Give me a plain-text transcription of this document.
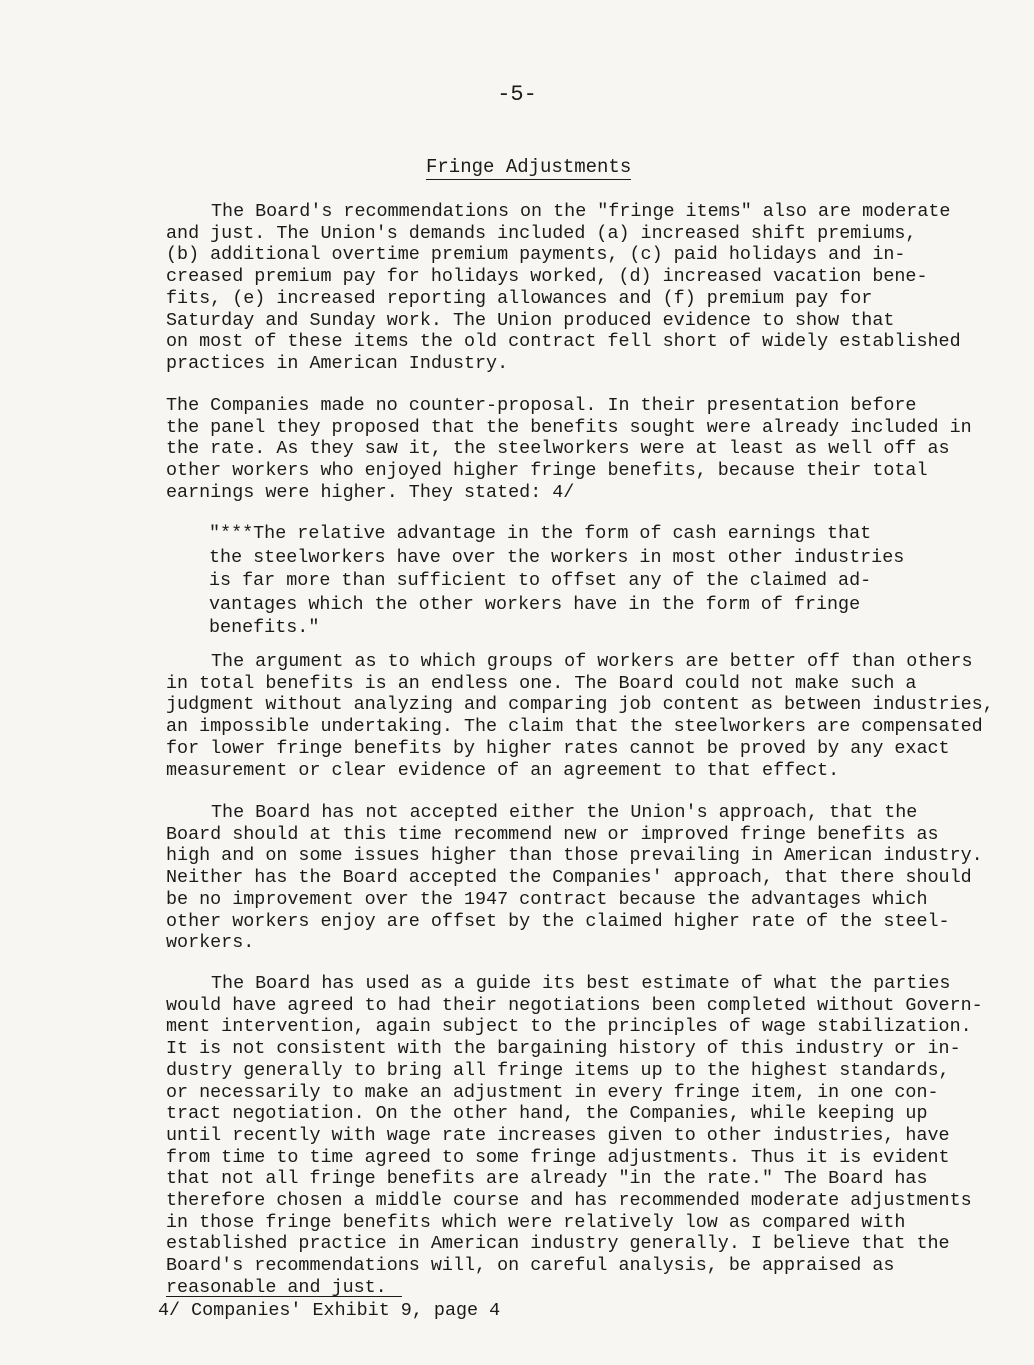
-5-
Fringe Adjustments
The Board's recommendations on the "fringe items" also are moderate
and just. The Union's demands included (a) increased shift premiums,
(b) additional overtime premium payments, (c) paid holidays and in-
creased premium pay for holidays worked, (d) increased vacation bene-
fits, (e) increased reporting allowances and (f) premium pay for
Saturday and Sunday work. The Union produced evidence to show that
on most of these items the old contract fell short of widely established
practices in American Industry.
The Companies made no counter-proposal. In their presentation before
the panel they proposed that the benefits sought were already included in
the rate. As they saw it, the steelworkers were at least as well off as
other workers who enjoyed higher fringe benefits, because their total
earnings were higher. They stated: 4/
"***The relative advantage in the form of cash earnings that
the steelworkers have over the workers in most other industries
is far more than sufficient to offset any of the claimed ad-
vantages which the other workers have in the form of fringe
benefits."
The argument as to which groups of workers are better off than others
in total benefits is an endless one. The Board could not make such a
judgment without analyzing and comparing job content as between industries,
an impossible undertaking. The claim that the steelworkers are compensated
for lower fringe benefits by higher rates cannot be proved by any exact
measurement or clear evidence of an agreement to that effect.
The Board has not accepted either the Union's approach, that the
Board should at this time recommend new or improved fringe benefits as
high and on some issues higher than those prevailing in American industry.
Neither has the Board accepted the Companies' approach, that there should
be no improvement over the 1947 contract because the advantages which
other workers enjoy are offset by the claimed higher rate of the steel-
workers.
The Board has used as a guide its best estimate of what the parties
would have agreed to had their negotiations been completed without Govern-
ment intervention, again subject to the principles of wage stabilization.
It is not consistent with the bargaining history of this industry or in-
dustry generally to bring all fringe items up to the highest standards,
or necessarily to make an adjustment in every fringe item, in one con-
tract negotiation. On the other hand, the Companies, while keeping up
until recently with wage rate increases given to other industries, have
from time to time agreed to some fringe adjustments. Thus it is evident
that not all fringe benefits are already "in the rate." The Board has
therefore chosen a middle course and has recommended moderate adjustments
in those fringe benefits which were relatively low as compared with
established practice in American industry generally. I believe that the
Board's recommendations will, on careful analysis, be appraised as
reasonable and just.
4/ Companies' Exhibit 9, page 4
